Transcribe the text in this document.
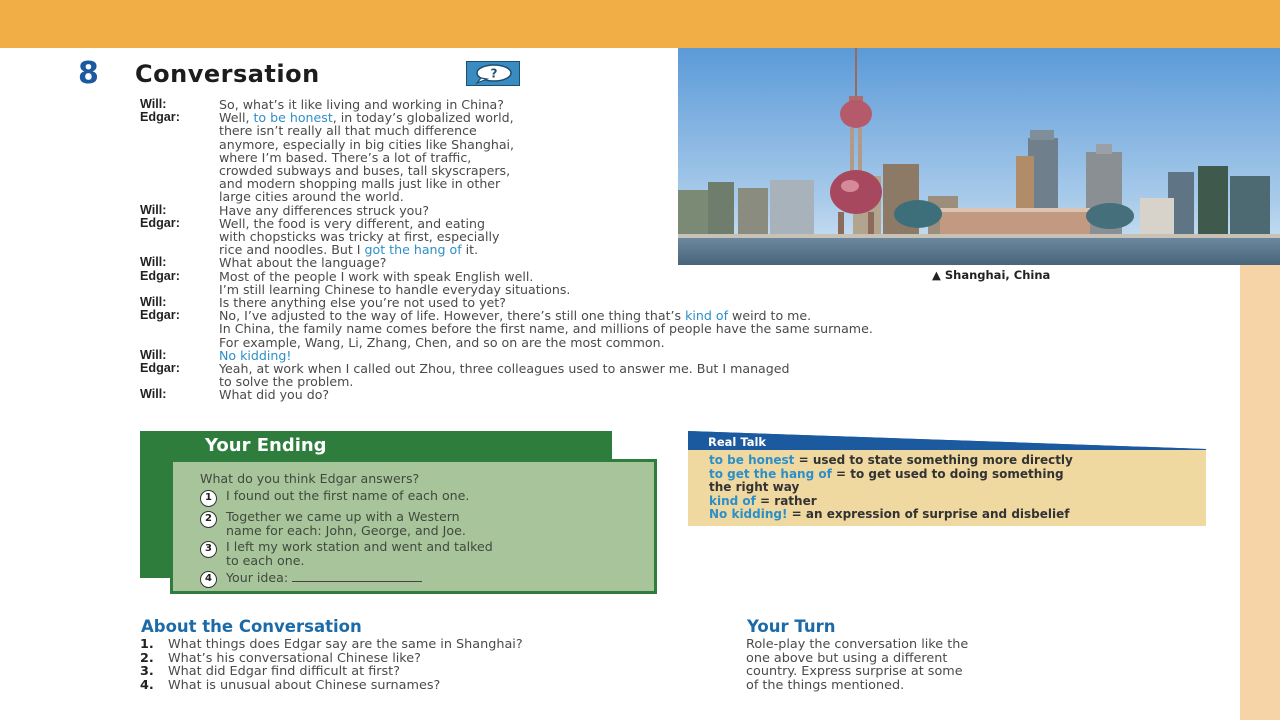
8 Conversation	?
▲ Shanghai, China
Will:	So, what’s it like living and working in China?
Edgar:	Well, to be honest, in today’s globalized world,
there isn’t really all that much difference
anymore, especially in big cities like Shanghai,
where I’m based. There’s a lot of traffic,
crowded subways and buses, tall skyscrapers,
and modern shopping malls just like in other
large cities around the world.
Will:	Have any differences struck you?
Edgar:	Well, the food is very different, and eating
with chopsticks was tricky at first, especially
rice and noodles. But I got the hang of it.
Will:	What about the language?
Edgar:	Most of the people I work with speak English well.
I’m still learning Chinese to handle everyday situations.
Will:	Is there anything else you’re not used to yet?
Edgar:	No, I’ve adjusted to the way of life. However, there’s still one thing that’s kind of weird to me.
In China, the family name comes before the first name, and millions of people have the same surname.
For example, Wang, Li, Zhang, Chen, and so on are the most common.
Will:	No kidding!
Edgar:	Yeah, at work when I called out Zhou, three colleagues used to answer me. But I managed
to solve the problem.
Will:	What did you do?
Your Ending
What do you think Edgar answers?
1	I found out the first name of each one.
2	Together we came up with a Western
name for each: John, George, and Joe.
3	I left my work station and went and talked
to each one.
4	Your idea:
Real Talk
to be honest = used to state something more directly
to get the hang of = to get used to doing something
the right way
kind of = rather
No kidding! = an expression of surprise and disbelief
About the Conversation
1.	What things does Edgar say are the same in Shanghai?
2.	What’s his conversational Chinese like?
3.	What did Edgar find difficult at first?
4.	What is unusual about Chinese surnames?
Your Turn
Role-play the conversation like the
one above but using a different
country. Express surprise at some
of the things mentioned.
